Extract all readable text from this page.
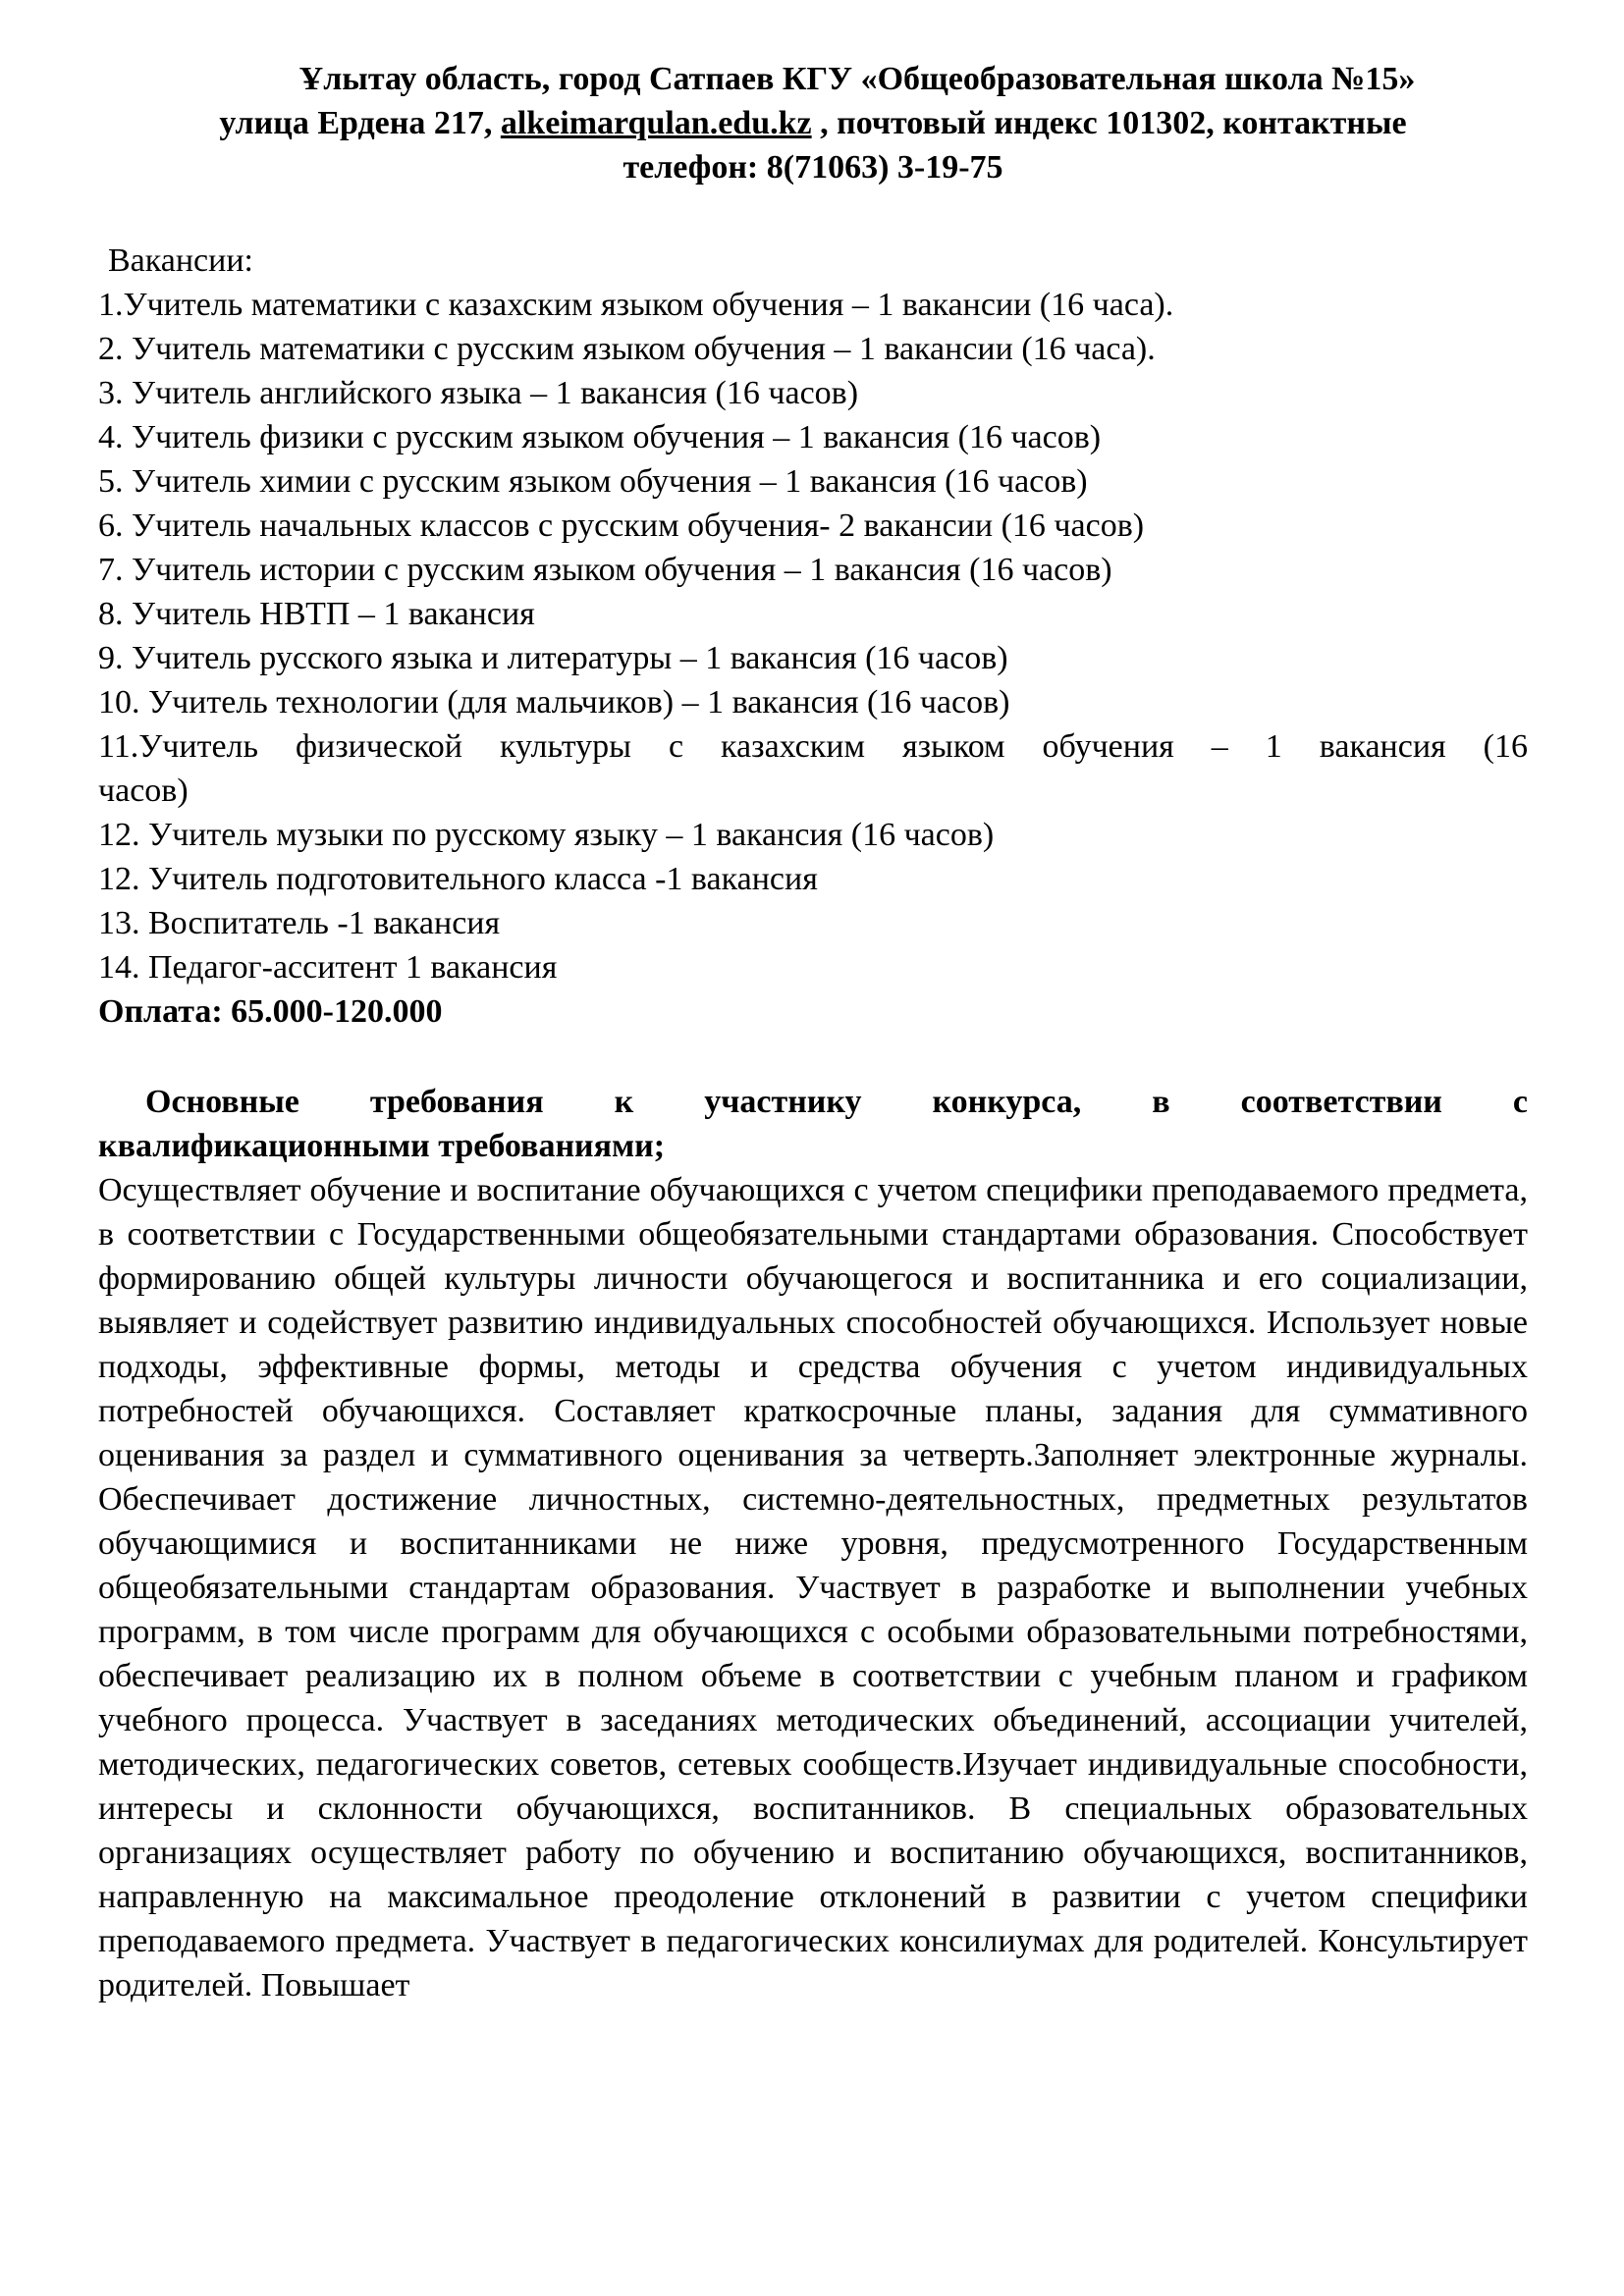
Ұлытау область, город Сатпаев КГУ «Общеобразовательная школа №15»
улица Ердена 217, alkeimarqulan.edu.kz , почтовый индекс 101302, контактные
телефон: 8(71063) 3-19-75
Вакансии:
1.Учитель математики с казахским языком обучения – 1 вакансии (16 часа).
2. Учитель математики с русским языком обучения – 1 вакансии (16 часа).
3. Учитель английского языка – 1 вакансия (16 часов)
4. Учитель физики с русским языком обучения – 1 вакансия (16 часов)
5. Учитель химии с русским языком обучения – 1 вакансия (16 часов)
6. Учитель начальных классов с русским обучения- 2 вакансии (16 часов)
7. Учитель истории с русским языком обучения – 1 вакансия (16 часов)
8. Учитель НВТП – 1 вакансия
9. Учитель русского языка и литературы – 1 вакансия (16 часов)
10. Учитель технологии (для мальчиков) – 1 вакансия (16 часов)
11.Учитель физической культуры с казахским языком обучения – 1 вакансия (16
часов)
12. Учитель музыки по русскому языку – 1 вакансия (16 часов)
12. Учитель подготовительного класса -1 вакансия
13. Воспитатель -1 вакансия
14. Педагог-асситент 1 вакансия
Оплата: 65.000-120.000
Основные требования к участнику конкурса, в соответствии с
квалификационными требованиями;
Осуществляет обучение и воспитание обучающихся с учетом специфики преподаваемого предмета, в соответствии с Государственными общеобязательными стандартами образования. Способствует формированию общей культуры личности обучающегося и воспитанника и его социализации, выявляет и содействует развитию индивидуальных способностей обучающихся. Использует новые подходы, эффективные формы, методы и средства обучения с учетом индивидуальных потребностей обучающихся. Составляет краткосрочные планы, задания для суммативного оценивания за раздел и суммативного оценивания за четверть.Заполняет электронные журналы. Обеспечивает достижение личностных, системно-деятельностных, предметных результатов обучающимися и воспитанниками не ниже уровня, предусмотренного Государственным общеобязательными стандартам образования. Участвует в разработке и выполнении учебных программ, в том числе программ для обучающихся с особыми образовательными потребностями, обеспечивает реализацию их в полном объеме в соответствии с учебным планом и графиком учебного процесса. Участвует в заседаниях методических объединений, ассоциации учителей, методических, педагогических советов, сетевых сообществ.Изучает индивидуальные способности, интересы и склонности обучающихся, воспитанников. В специальных образовательных организациях осуществляет работу по обучению и воспитанию обучающихся, воспитанников, направленную на максимальное преодоление отклонений в развитии с учетом специфики преподаваемого предмета. Участвует в педагогических консилиумах для родителей. Консультирует родителей. Повышает
